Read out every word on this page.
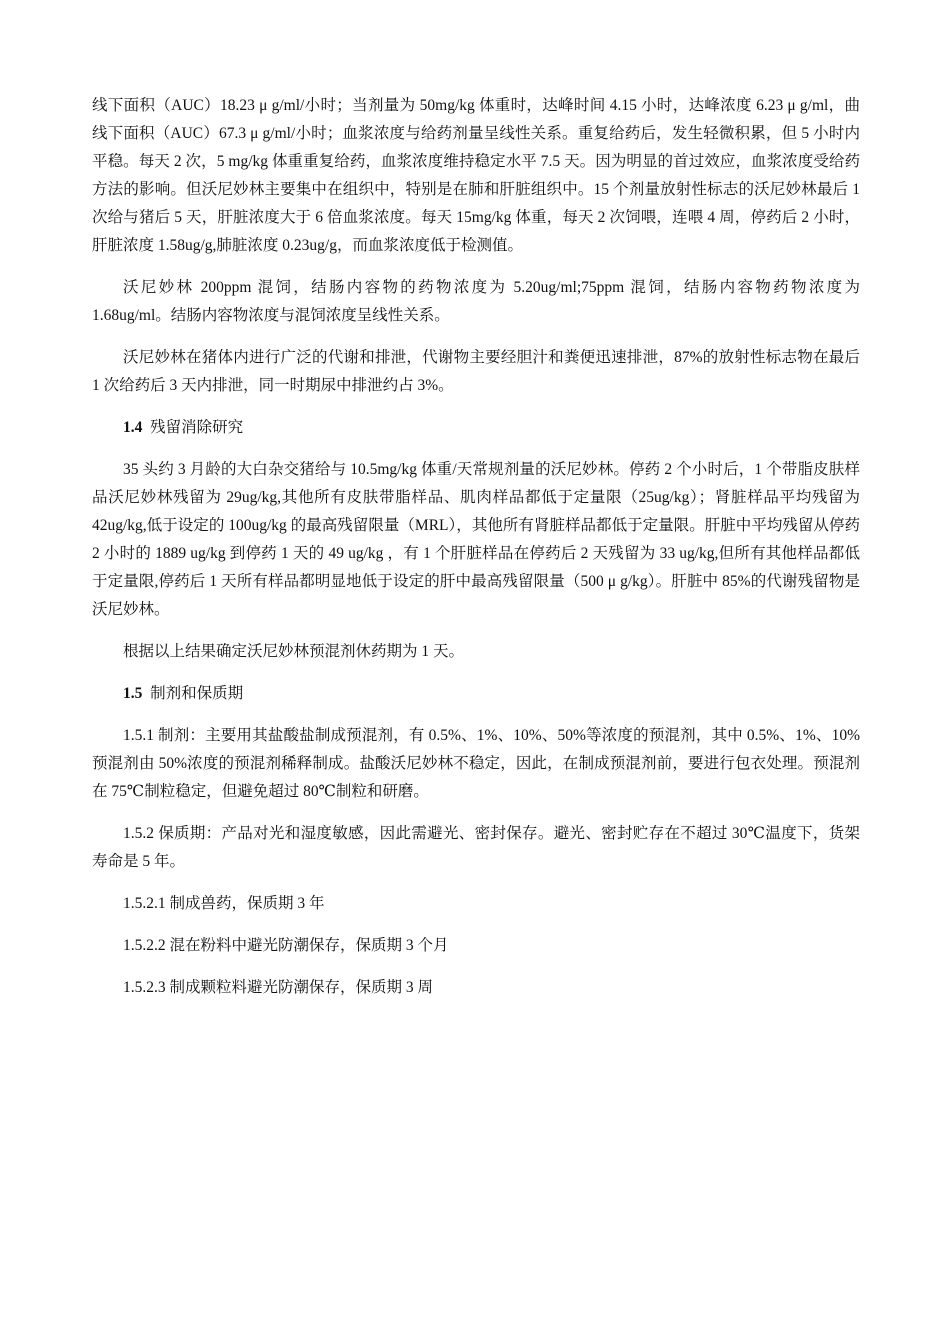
线下面积（AUC）18.23 μ g/ml/小时；当剂量为 50mg/kg 体重时，达峰时间 4.15 小时，达峰浓度 6.23 μ g/ml，曲线下面积（AUC）67.3 μ g/ml/小时；血浆浓度与给药剂量呈线性关系。重复给药后，发生轻微积累，但 5 小时内平稳。每天 2 次，5 mg/kg 体重重复给药，血浆浓度维持稳定水平 7.5 天。因为明显的首过效应，血浆浓度受给药方法的影响。但沃尼妙林主要集中在组织中，特别是在肺和肝脏组织中。15 个剂量放射性标志的沃尼妙林最后 1 次给与猪后 5 天，肝脏浓度大于 6 倍血浆浓度。每天 15mg/kg 体重，每天 2 次饲喂，连喂 4 周，停药后 2 小时，肝脏浓度 1.58ug/g,肺脏浓度 0.23ug/g，而血浆浓度低于检测值。

沃尼妙林 200ppm 混饲，结肠内容物的药物浓度为 5.20ug/ml;75ppm 混饲，结肠内容物药物浓度为 1.68ug/ml。结肠内容物浓度与混饲浓度呈线性关系。

沃尼妙林在猪体内进行广泛的代谢和排泄，代谢物主要经胆汁和粪便迅速排泄，87%的放射性标志物在最后 1 次给药后 3 天内排泄，同一时期尿中排泄约占 3%。

1.4 残留消除研究

35 头约 3 月龄的大白杂交猪给与 10.5mg/kg 体重/天常规剂量的沃尼妙林。停药 2 个小时后，1 个带脂皮肤样品沃尼妙林残留为 29ug/kg,其他所有皮肤带脂样品、肌肉样品都低于定量限（25ug/kg）；肾脏样品平均残留为 42ug/kg,低于设定的 100ug/kg 的最高残留限量（MRL），其他所有肾脏样品都低于定量限。肝脏中平均残留从停药 2 小时的 1889 ug/kg 到停药 1 天的 49 ug/kg ，有 1 个肝脏样品在停药后 2 天残留为 33 ug/kg,但所有其他样品都低于定量限,停药后 1 天所有样品都明显地低于设定的肝中最高残留限量（500 μ g/kg）。肝脏中 85%的代谢残留物是沃尼妙林。

根据以上结果确定沃尼妙林预混剂休药期为 1 天。

1.5 制剂和保质期

1.5.1 制剂：主要用其盐酸盐制成预混剂，有 0.5%、1%、10%、50%等浓度的预混剂，其中 0.5%、1%、10%预混剂由 50%浓度的预混剂稀释制成。盐酸沃尼妙林不稳定，因此，在制成预混剂前，要进行包衣处理。预混剂在 75℃制粒稳定，但避免超过 80℃制粒和研磨。

1.5.2 保质期：产品对光和湿度敏感，因此需避光、密封保存。避光、密封贮存在不超过 30℃温度下，货架寿命是 5 年。

1.5.2.1 制成兽药，保质期 3 年

1.5.2.2 混在粉料中避光防潮保存，保质期 3 个月

1.5.2.3 制成颗粒料避光防潮保存，保质期 3 周
